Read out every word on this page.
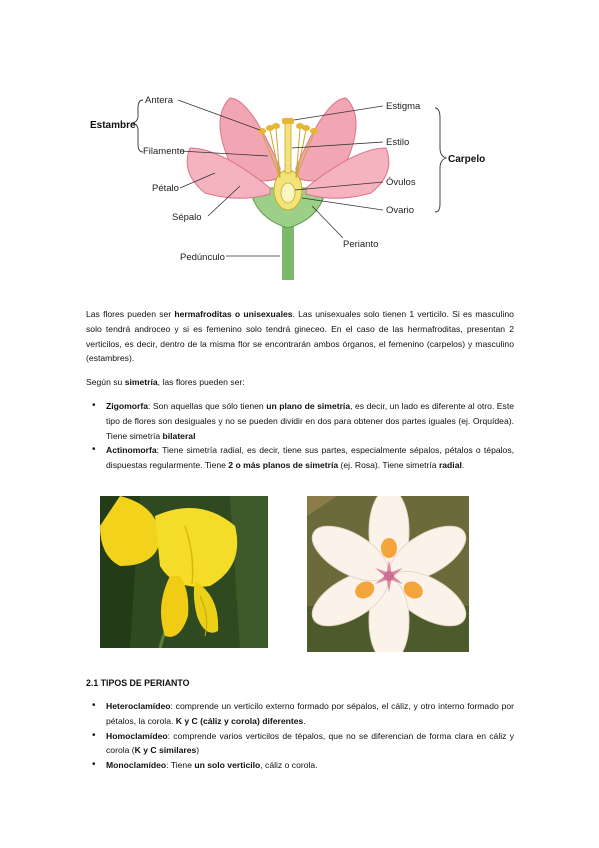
Estambre
Antera
Filamento
Pétalo
Sépalo
Pedúnculo
Estigma
Estilo
Óvulos
Ovario
Perianto
Carpelo

Las flores pueden ser hermafroditas o unisexuales. Las unisexuales solo tienen 1 verticilo. Si es masculino solo tendrá androceo y si es femenino solo tendrá gineceo. En el caso de las hermafroditas, presentan 2 verticilos, es decir, dentro de la misma flor se encontrarán ambos órganos, el femenino (carpelos) y masculino (estambres).

Según su simetría, las flores pueden ser:

• Zigomorfa: Son aquellas que sólo tienen un plano de simetría, es decir, un lado es diferente al otro. Este tipo de flores son desiguales y no se pueden dividir en dos para obtener dos partes iguales (ej. Orquídea). Tiene simetría bilateral
• Actinomorfa: Tiene simetría radial, es decir, tiene sus partes, especialmente sépalos, pétalos o tépalos, dispuestas regularmente. Tiene 2 o más planos de simetría (ej. Rosa). Tiene simetría radial.
2.1 TIPOS DE PERIANTO
• Heteroclamídeo: comprende un verticilo externo formado por sépalos, el cáliz, y otro interno formado por pétalos, la corola. K y C (cáliz y corola) diferentes.
• Homoclamídeo: comprende varios verticilos de tépalos, que no se diferencian de forma clara en cáliz y corola (K y C similares)
• Monoclamídeo: Tiene un solo verticilo, cáliz o corola.
